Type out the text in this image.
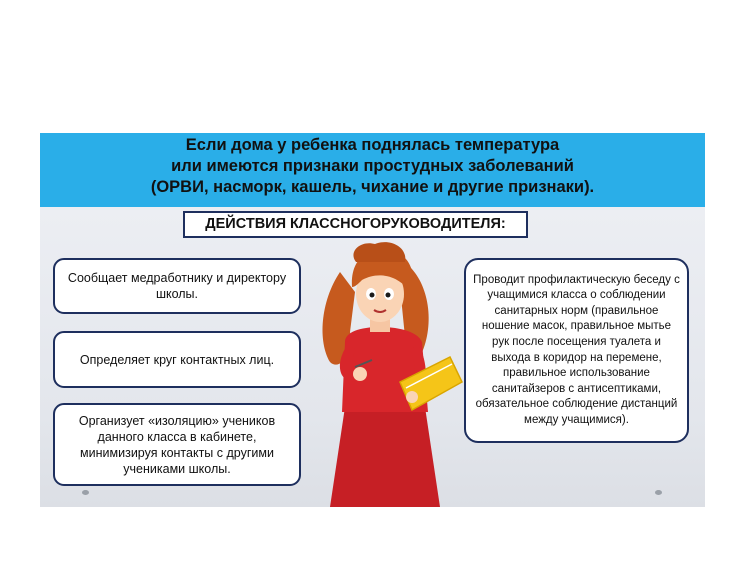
Если дома у ребенка поднялась температура
или имеются признаки простудных заболеваний
(ОРВИ, насморк, кашель, чихание и другие признаки).
ДЕЙСТВИЯ КЛАССНОГОРУКОВОДИТЕЛЯ:
Сообщает медработнику и директору школы.
Определяет круг контактных лиц.
Организует «изоляцию» учеников данного класса в кабинете, минимизируя контакты с другими учениками школы.
Проводит профилактическую беседу с учащимися класса о соблюдении санитарных норм (правильное ношение масок, правильное мытье рук после посещения туалета и выхода в коридор на перемене, правильное использование санитайзеров с антисептиками, обязательное соблюдение дистанций между учащимися).
